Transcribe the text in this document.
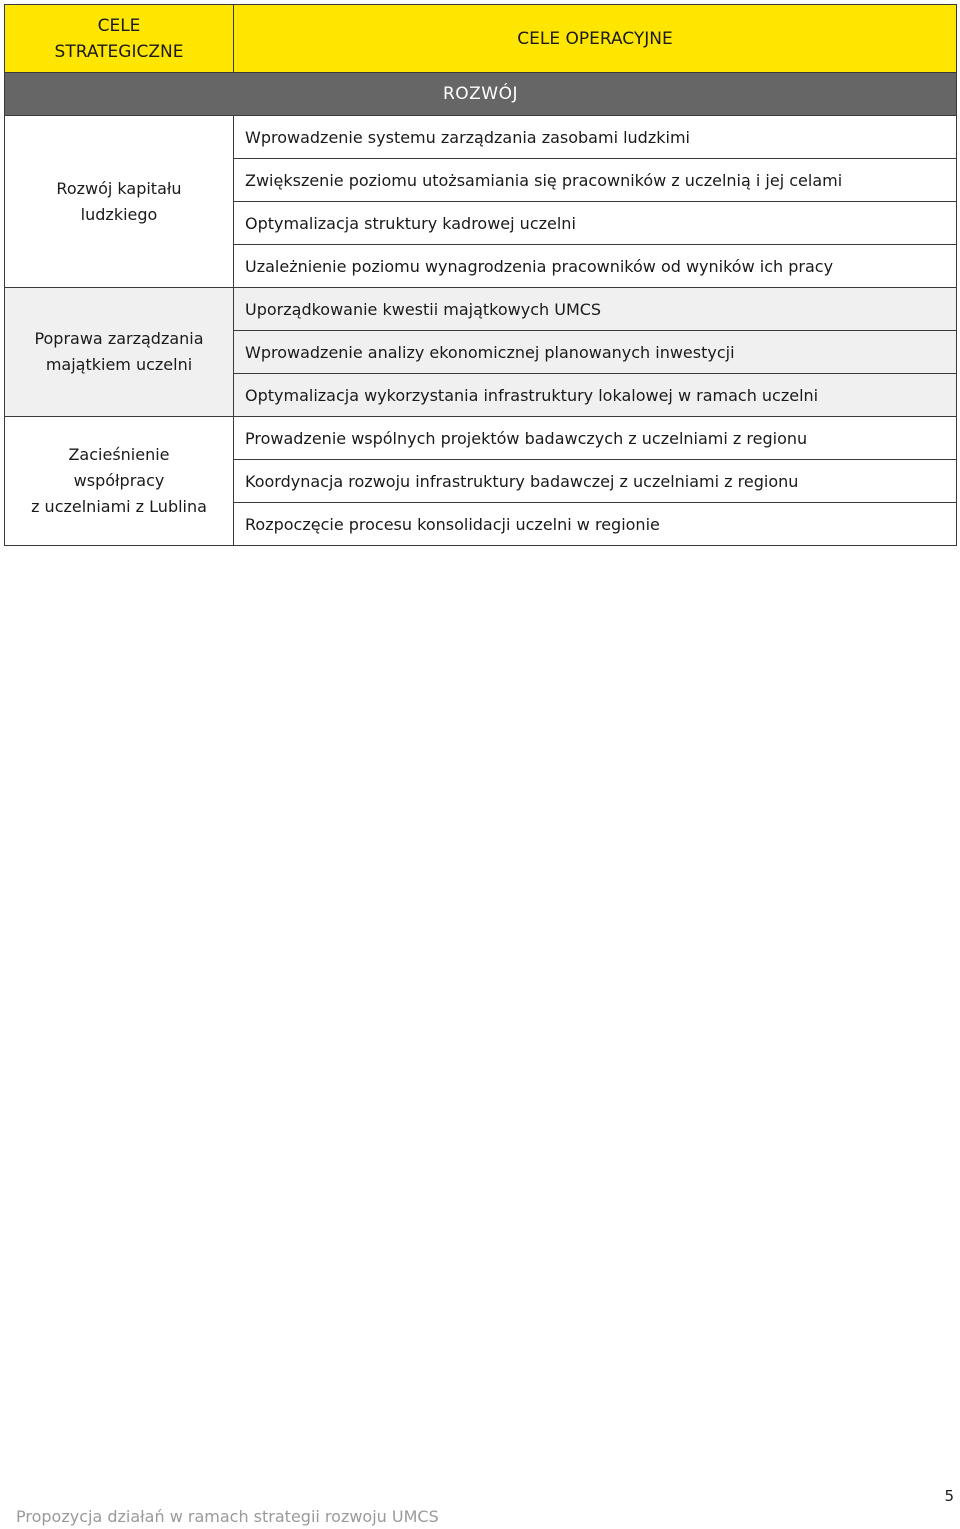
CELE
STRATEGICZNE	CELE OPERACYJNE
ROZWÓJ	
Rozwój kapitału
ludzkiego	Wprowadzenie systemu zarządzania zasobami ludzkimi
	Zwiększenie poziomu utożsamiania się pracowników z uczelnią i jej celami
	Optymalizacja struktury kadrowej uczelni
	Uzależnienie poziomu wynagrodzenia pracowników od wyników ich pracy
Poprawa zarządzania
majątkiem uczelni	Uporządkowanie kwestii majątkowych UMCS
	Wprowadzenie analizy ekonomicznej planowanych inwestycji
	Optymalizacja wykorzystania infrastruktury lokalowej w ramach uczelni
Zacieśnienie
współpracy
z uczelniami z Lublina	Prowadzenie wspólnych projektów badawczych z uczelniami z regionu
	Koordynacja rozwoju infrastruktury badawczej z uczelniami z regionu
	Rozpoczęcie procesu konsolidacji uczelni w regionie
5
Propozycja działań w ramach strategii rozwoju UMCS
